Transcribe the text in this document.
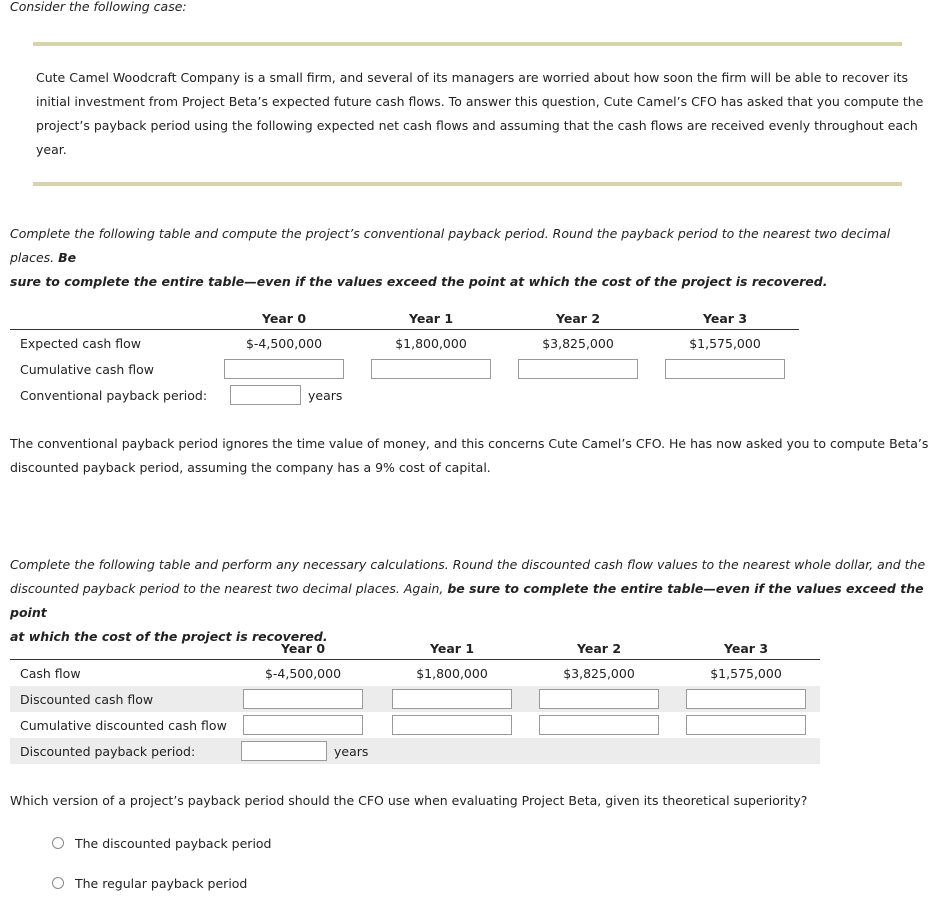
Consider the following case:
Cute Camel Woodcraft Company is a small firm, and several of its managers are worried about how soon the firm will be able to recover its
initial investment from Project Beta’s expected future cash flows. To answer this question, Cute Camel’s CFO has asked that you compute the
project’s payback period using the following expected net cash flows and assuming that the cash flows are received evenly throughout each
year.
Complete the following table and compute the project’s conventional payback period. Round the payback period to the nearest two decimal places. Be
sure to complete the entire table—even if the values exceed the point at which the cost of the project is recovered.
Year 0	Year 1	Year 2	Year 3
Expected cash flow	$-4,500,000	$1,800,000	$3,825,000	$1,575,000
Cumulative cash flow
Conventional payback period:	years
The conventional payback period ignores the time value of money, and this concerns Cute Camel’s CFO. He has now asked you to compute Beta’s
discounted payback period, assuming the company has a 9% cost of capital.
Complete the following table and perform any necessary calculations. Round the discounted cash flow values to the nearest whole dollar, and the
discounted payback period to the nearest two decimal places. Again, be sure to complete the entire table—even if the values exceed the point
at which the cost of the project is recovered.
Year 0	Year 1	Year 2	Year 3
Cash flow	$-4,500,000	$1,800,000	$3,825,000	$1,575,000
Discounted cash flow
Cumulative discounted cash flow
Discounted payback period:	years
Which version of a project’s payback period should the CFO use when evaluating Project Beta, given its theoretical superiority?
The discounted payback period
The regular payback period
